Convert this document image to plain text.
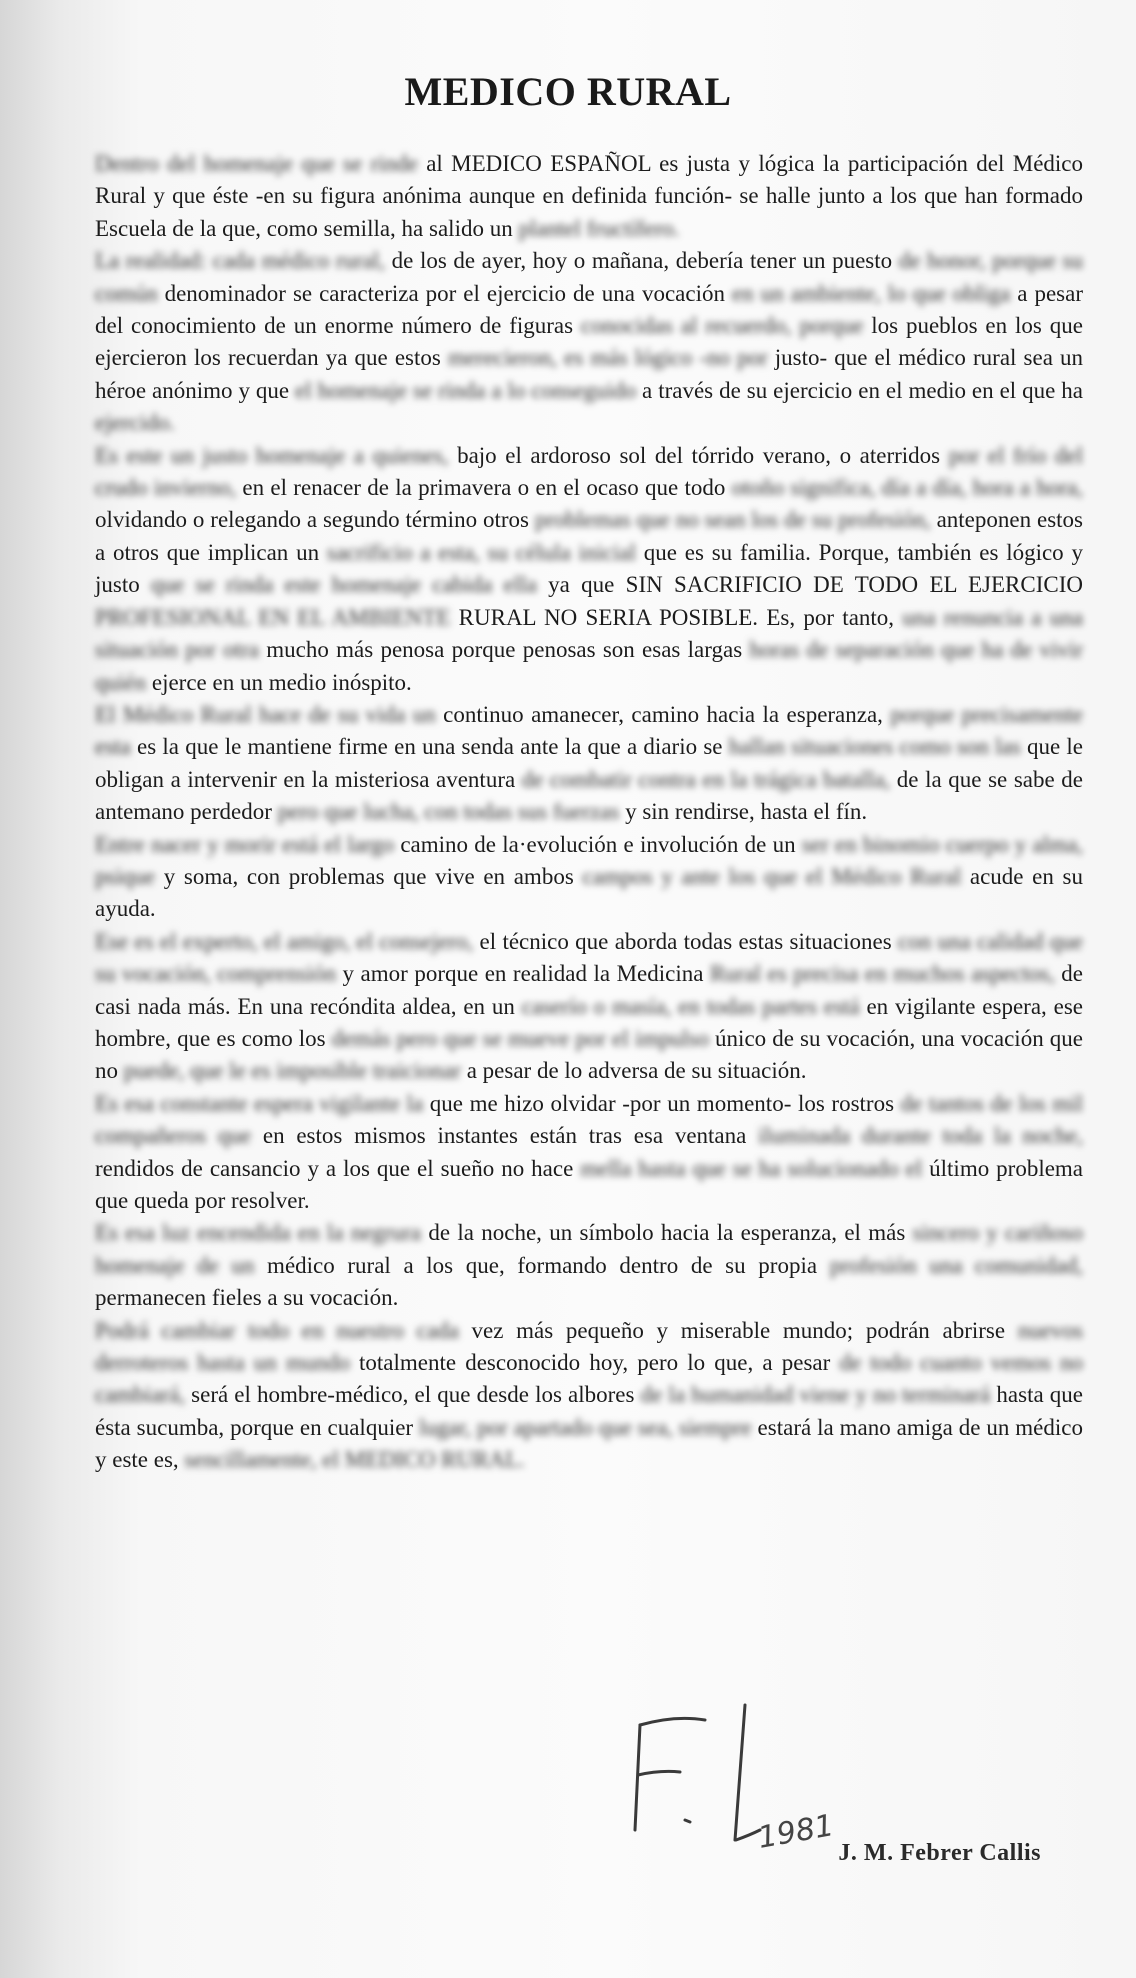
MEDICO RURAL

Dentro del homenaje que se rinde al MEDICO ESPAÑOL es justa y lógica la participación del Médico Rural y que éste -en su figura anónima aunque en definida función- se halle junto a los que han formado Escuela de la que, como semilla, ha salido un plantel fructífero.

La realidad: cada médico rural, de los de ayer, hoy o mañana, debería tener un puesto de honor, porque su común denominador se caracteriza por el ejercicio de una vocación en un ambiente, lo que obliga a pesar del conocimiento de un enorme número de figuras conocidas al recuerdo, porque los pueblos en los que ejercieron los recuerdan ya que estos merecieron, es más lógico -no por justo- que el médico rural sea un héroe anónimo y que el homenaje se rinda a lo conseguido a través de su ejercicio en el medio en el que ha ejercido.

Es este un justo homenaje a quienes, bajo el ardoroso sol del tórrido verano, o aterridos por el frío del crudo invierno, en el renacer de la primavera o en el ocaso que todo otoño significa, día a día, hora a hora, olvidando o relegando a segundo término otros problemas que no sean los de su profesión, anteponen estos a otros que implican un sacrificio a esta, su célula inicial que es su familia. Porque, también es lógico y justo que se rinda este homenaje cabida ella ya que SIN SACRIFICIO DE TODO EL EJERCICIO PROFESIONAL EN EL AMBIENTE RURAL NO SERIA POSIBLE. Es, por tanto, una renuncia a una situación por otra mucho más penosa porque penosas son esas largas horas de separación que ha de vivir quién ejerce en un medio inóspito.

El Médico Rural hace de su vida un continuo amanecer, camino hacia la esperanza, porque precisamente esta es la que le mantiene firme en una senda ante la que a diario se hallan situaciones como son las que le obligan a intervenir en la misteriosa aventura de combatir contra en la trágica batalla, de la que se sabe de antemano perdedor pero que lucha, con todas sus fuerzas y sin rendirse, hasta el fín.

Entre nacer y morir está el largo camino de la·evolución e involución de un ser en binomio cuerpo y alma, psique y soma, con problemas que vive en ambos campos y ante los que el Médico Rural acude en su ayuda.

Ese es el experto, el amigo, el consejero, el técnico que aborda todas estas situaciones con una calidad que su vocación, comprensión y amor porque en realidad la Medicina Rural es precisa en muchos aspectos, de casi nada más. En una recóndita aldea, en un caserío o masía, en todas partes está en vigilante espera, ese hombre, que es como los demás pero que se mueve por el impulso único de su vocación, una vocación que no puede, que le es imposible traicionar a pesar de lo adversa de su situación.

Es esa constante espera vigilante la que me hizo olvidar -por un momento- los rostros de tantos de los mil compañeros que en estos mismos instantes están tras esa ventana iluminada durante toda la noche, rendidos de cansancio y a los que el sueño no hace mella hasta que se ha solucionado el último problema que queda por resolver.

Es esa luz encendida en la negrura de la noche, un símbolo hacia la esperanza, el más sincero y cariñoso homenaje de un médico rural a los que, formando dentro de su propia profesión una comunidad, permanecen fieles a su vocación.

Podrá cambiar todo en nuestro cada vez más pequeño y miserable mundo; podrán abrirse nuevos derroteros hasta un mundo totalmente desconocido hoy, pero lo que, a pesar de todo cuanto vemos no cambiará, será el hombre-médico, el que desde los albores de la humanidad viene y no terminará hasta que ésta sucumba, porque en cualquier lugar, por apartado que sea, siempre estará la mano amiga de un médico y este es, sencillamente, el MEDICO RURAL.

1981 J. M. Febrer Callis
